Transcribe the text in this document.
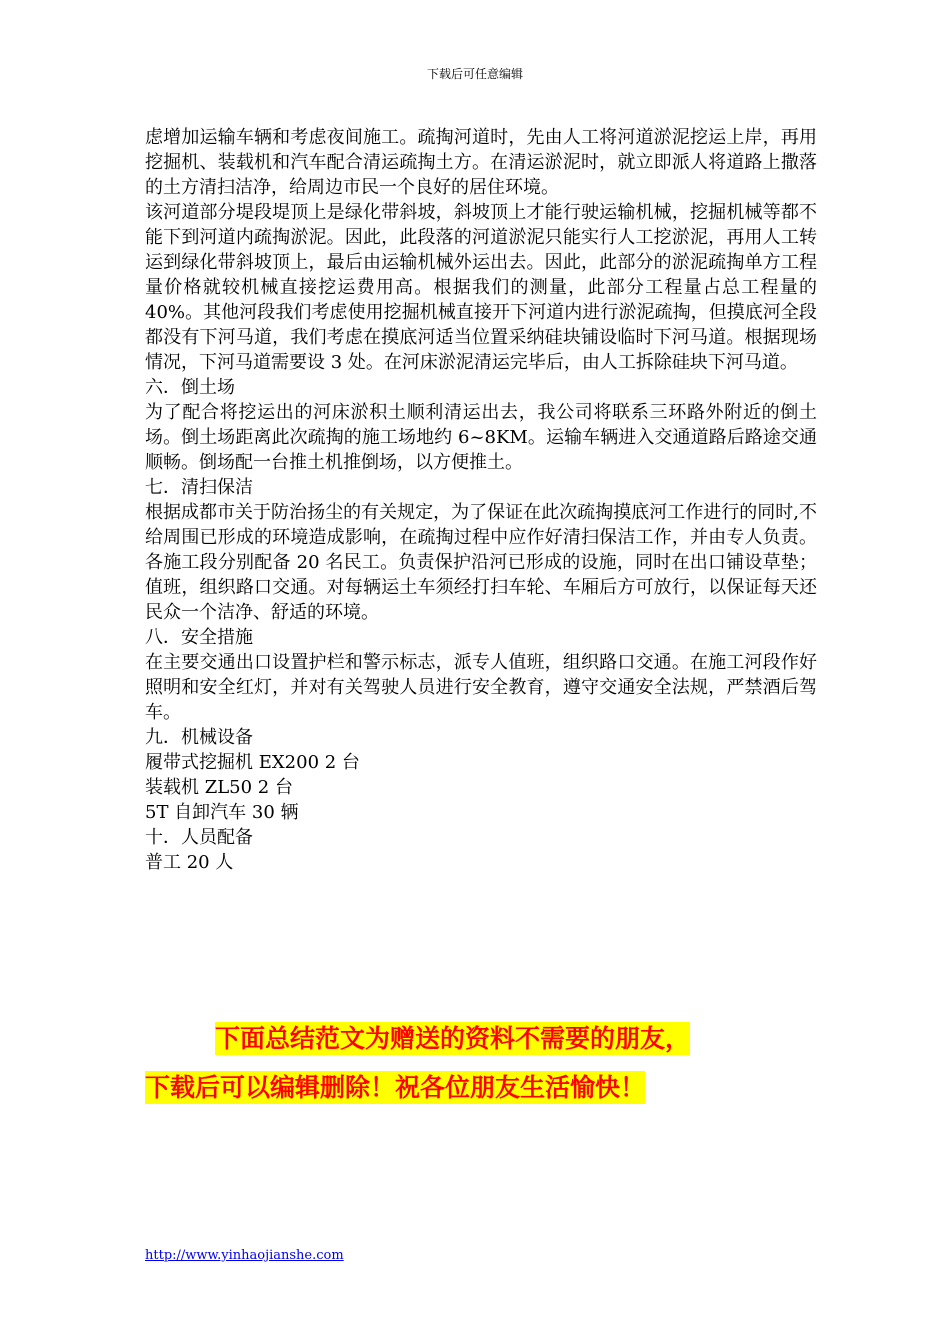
下载后可任意编辑

虑增加运输车辆和考虑夜间施工。疏掏河道时，先由人工将河道淤泥挖运上岸，再用挖掘机、装载机和汽车配合清运疏掏土方。在清运淤泥时，就立即派人将道路上撒落的土方清扫洁净，给周边市民一个良好的居住环境。

该河道部分堤段堤顶上是绿化带斜坡，斜坡顶上才能行驶运输机械，挖掘机械等都不能下到河道内疏掏淤泥。因此，此段落的河道淤泥只能实行人工挖淤泥，再用人工转运到绿化带斜坡顶上，最后由运输机械外运出去。因此，此部分的淤泥疏掏单方工程量价格就较机械直接挖运费用高。根据我们的测量，此部分工程量占总工程量的 40%。其他河段我们考虑使用挖掘机械直接开下河道内进行淤泥疏掏，但摸底河全段都没有下河马道，我们考虑在摸底河适当位置采纳硅块铺设临时下河马道。根据现场情况，下河马道需要设 3 处。在河床淤泥清运完毕后，由人工拆除硅块下河马道。

六．倒土场

为了配合将挖运出的河床淤积土顺利清运出去，我公司将联系三环路外附近的倒土场。倒土场距离此次疏掏的施工场地约 6~8KM。运输车辆进入交通道路后路途交通顺畅。倒场配一台推土机推倒场，以方便推土。

七．清扫保洁

根据成都市关于防治扬尘的有关规定，为了保证在此次疏掏摸底河工作进行的同时,不给周围已形成的环境造成影响，在疏掏过程中应作好清扫保洁工作，并由专人负责。各施工段分别配备 20 名民工。负责保护沿河已形成的设施，同时在出口铺设草垫；值班，组织路口交通。对每辆运土车须经打扫车轮、车厢后方可放行，以保证每天还民众一个洁净、舒适的环境。

八．安全措施

在主要交通出口设置护栏和警示标志，派专人值班，组织路口交通。在施工河段作好照明和安全红灯，并对有关驾驶人员进行安全教育，遵守交通安全法规，严禁酒后驾车。

九．机械设备

履带式挖掘机 EX200 2 台

装载机 ZL50 2 台

5T 自卸汽车 30 辆

十．人员配备

普工 20 人

下面总结范文为赠送的资料不需要的朋友，
下载后可以编辑删除！祝各位朋友生活愉快！
http://www.yinhaojianshe.com
